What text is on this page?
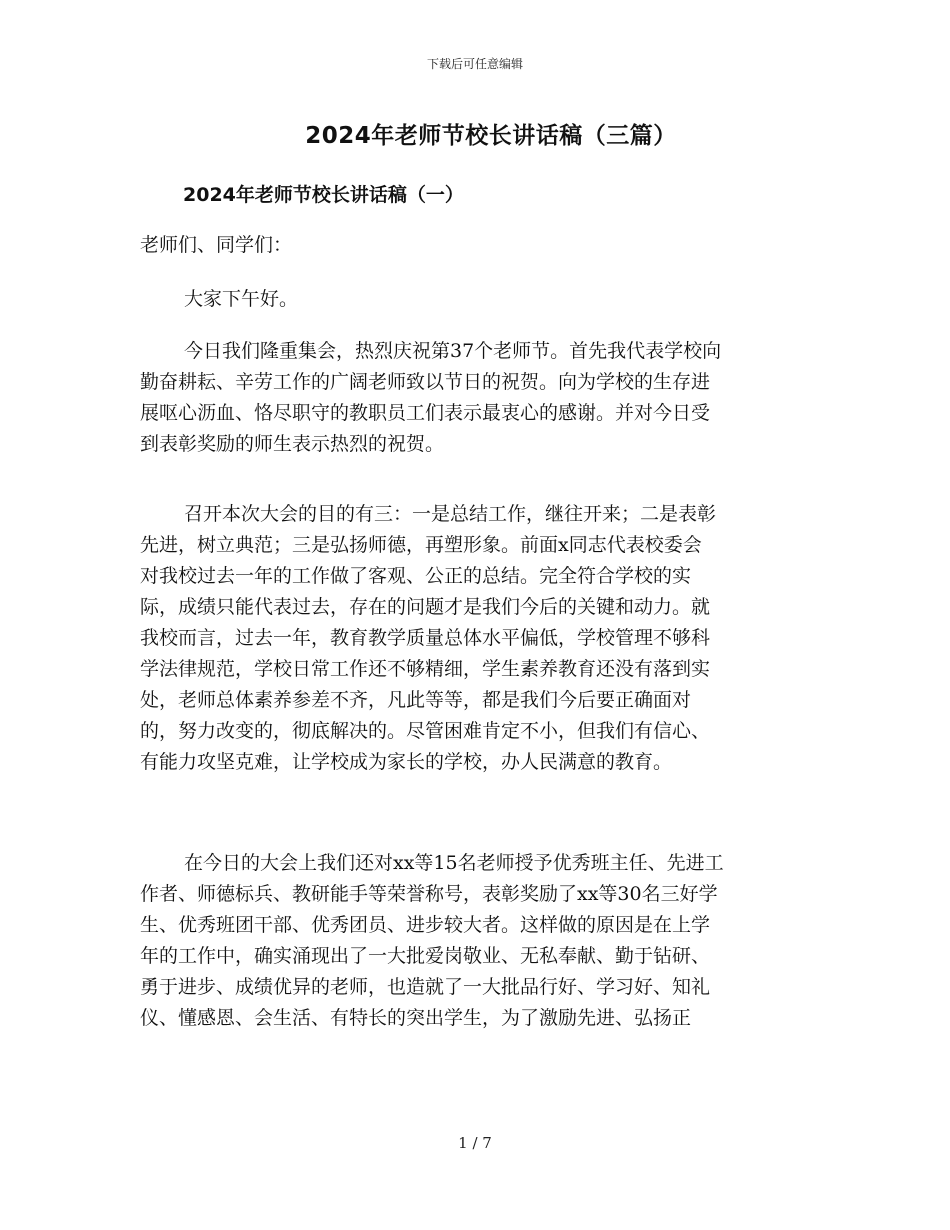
下载后可任意编辑
2024年老师节校长讲话稿（三篇）
2024年老师节校长讲话稿（一）
老师们、同学们：
大家下午好。
今日我们隆重集会，热烈庆祝第37个老师节。首先我代表学校向
勤奋耕耘、辛劳工作的广阔老师致以节日的祝贺。向为学校的生存进
展呕心沥血、恪尽职守的教职员工们表示最衷心的感谢。并对今日受
到表彰奖励的师生表示热烈的祝贺。
召开本次大会的目的有三：一是总结工作，继往开来；二是表彰
先进，树立典范；三是弘扬师德，再塑形象。前面x同志代表校委会
对我校过去一年的工作做了客观、公正的总结。完全符合学校的实
际，成绩只能代表过去，存在的问题才是我们今后的关键和动力。就
我校而言，过去一年，教育教学质量总体水平偏低，学校管理不够科
学法律规范，学校日常工作还不够精细，学生素养教育还没有落到实
处，老师总体素养参差不齐，凡此等等，都是我们今后要正确面对
的，努力改变的，彻底解决的。尽管困难肯定不小，但我们有信心、
有能力攻坚克难，让学校成为家长的学校，办人民满意的教育。
在今日的大会上我们还对xx等15名老师授予优秀班主任、先进工
作者、师德标兵、教研能手等荣誉称号，表彰奖励了xx等30名三好学
生、优秀班团干部、优秀团员、进步较大者。这样做的原因是在上学
年的工作中，确实涌现出了一大批爱岗敬业、无私奉献、勤于钻研、
勇于进步、成绩优异的老师，也造就了一大批品行好、学习好、知礼
仪、懂感恩、会生活、有特长的突出学生，为了激励先进、弘扬正
1 / 7
